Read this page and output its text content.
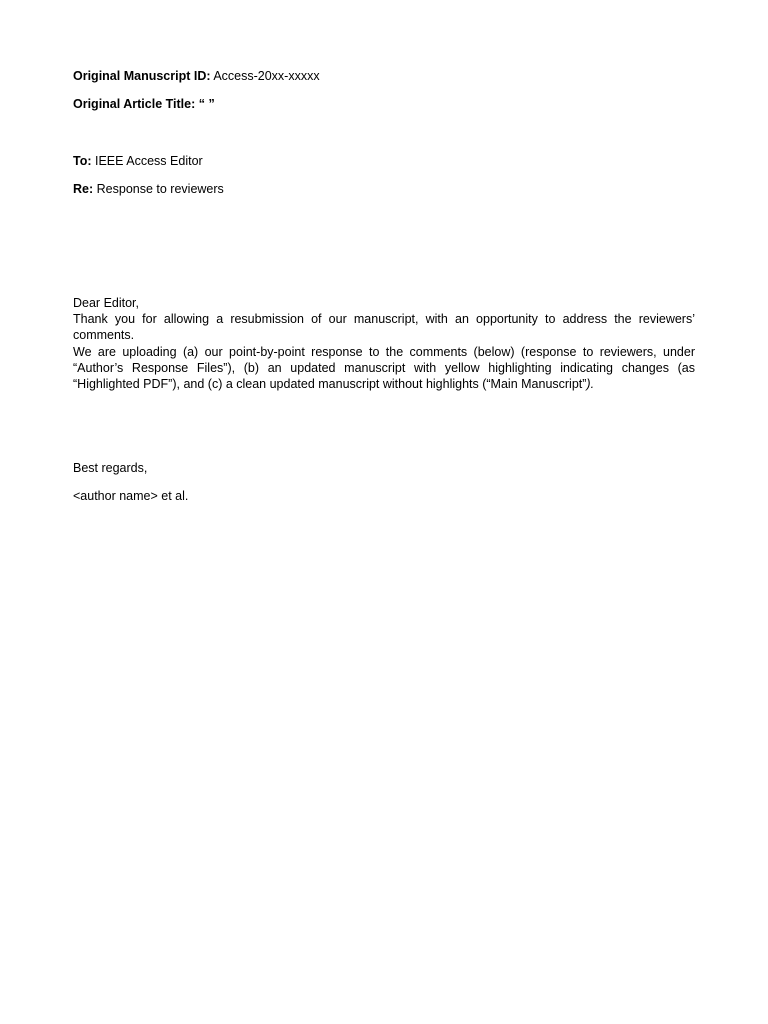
Original Manuscript ID: Access-20xx-xxxxx

Original Article Title: “ ”

To: IEEE Access Editor

Re: Response to reviewers

Dear Editor,

Thank you for allowing a resubmission of our manuscript, with an opportunity to address the reviewers’ comments.

We are uploading (a) our point-by-point response to the comments (below) (response to reviewers, under “Author’s Response Files”), (b) an updated manuscript with yellow highlighting indicating changes (as “Highlighted PDF”), and (c) a clean updated manuscript without highlights (“Main Manuscript”).

Best regards,

<author name> et al.
